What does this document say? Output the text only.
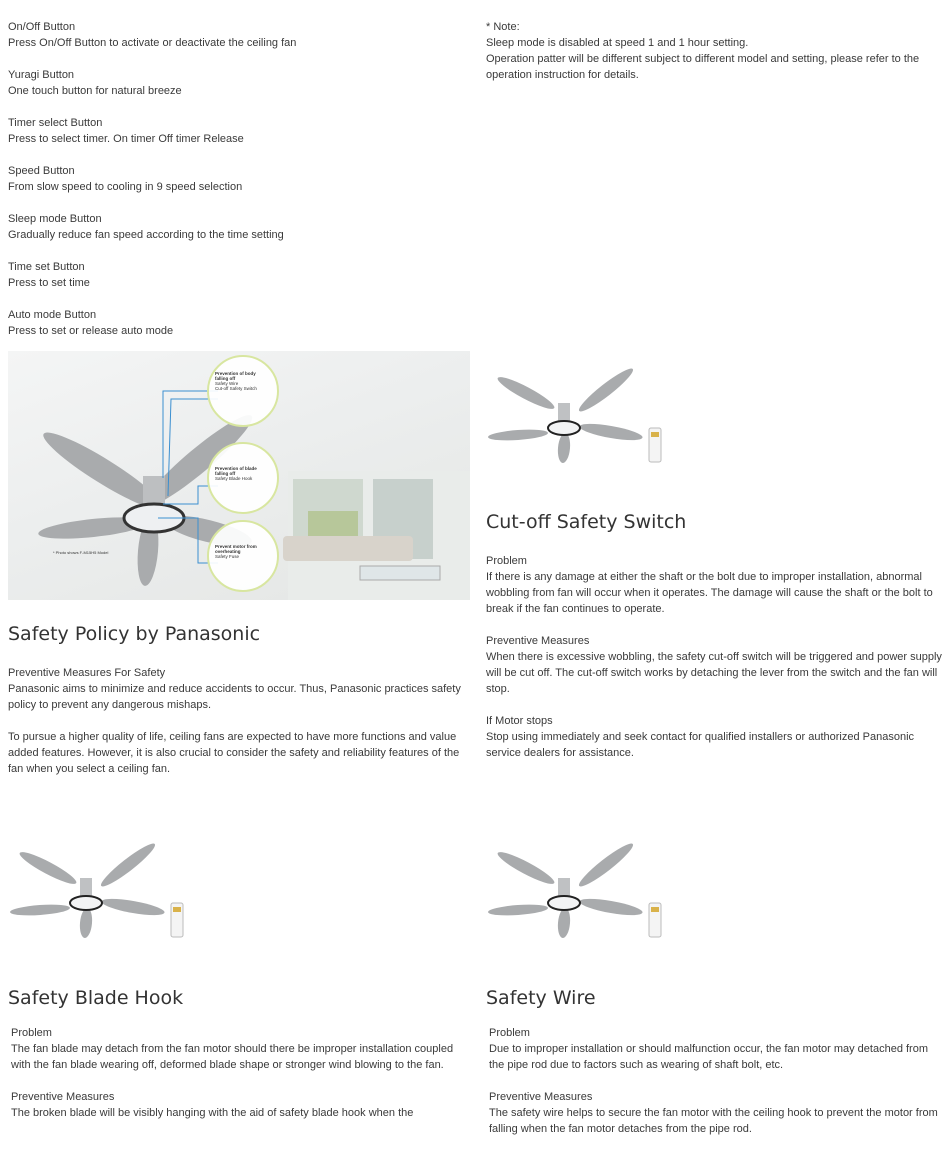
On/Off Button
Press On/Off Button to activate or deactivate the ceiling fan

Yuragi Button
One touch button for natural breeze

Timer select Button
Press to select timer. On timer Off timer Release

Speed Button
From slow speed to cooling in 9 speed selection

Sleep mode Button
Gradually reduce fan speed according to the time setting

Time set Button
Press to set time

Auto mode Button
Press to set or release auto mode

* Note:
Sleep mode is disabled at speed 1 and 1 hour setting.
Operation patter will be different subject to different model and setting, please refer to the operation instruction for details.
Prevention of body falling off
Safety Wire
Cut-off Safety Switch
Prevention of blade falling off
Safety Blade Hook
Prevent motor from overheating
Safety Fuse
* Photo shows F-M15H5 Model
Safety Policy by Panasonic

Preventive Measures For Safety
Panasonic aims to minimize and reduce accidents to occur. Thus, Panasonic practices safety policy to prevent any dangerous mishaps.

To pursue a higher quality of life, ceiling fans are expected to have more functions and value added features. However, it is also crucial to consider the safety and reliability features of the fan when you select a ceiling fan.

Cut-off Safety Switch

Problem
If there is any damage at either the shaft or the bolt due to improper installation, abnormal wobbling from fan will occur when it operates. The damage will cause the shaft or the bolt to break if the fan continues to operate.

Preventive Measures
When there is excessive wobbling, the safety cut-off switch will be triggered and power supply will be cut off. The cut-off switch works by detaching the lever from the switch and the fan will stop.

If Motor stops
Stop using immediately and seek contact for qualified installers or authorized Panasonic service dealers for assistance.

Safety Blade Hook

Problem
The fan blade may detach from the fan motor should there be improper installation coupled with the fan blade wearing off, deformed blade shape or stronger wind blowing to the fan.

Preventive Measures
The broken blade will be visibly hanging with the aid of safety blade hook when the

Safety Wire

Problem
Due to improper installation or should malfunction occur, the fan motor may detached from the pipe rod due to factors such as wearing of shaft bolt, etc.

Preventive Measures
The safety wire helps to secure the fan motor with the ceiling hook to prevent the motor from falling when the fan motor detaches from the pipe rod.
